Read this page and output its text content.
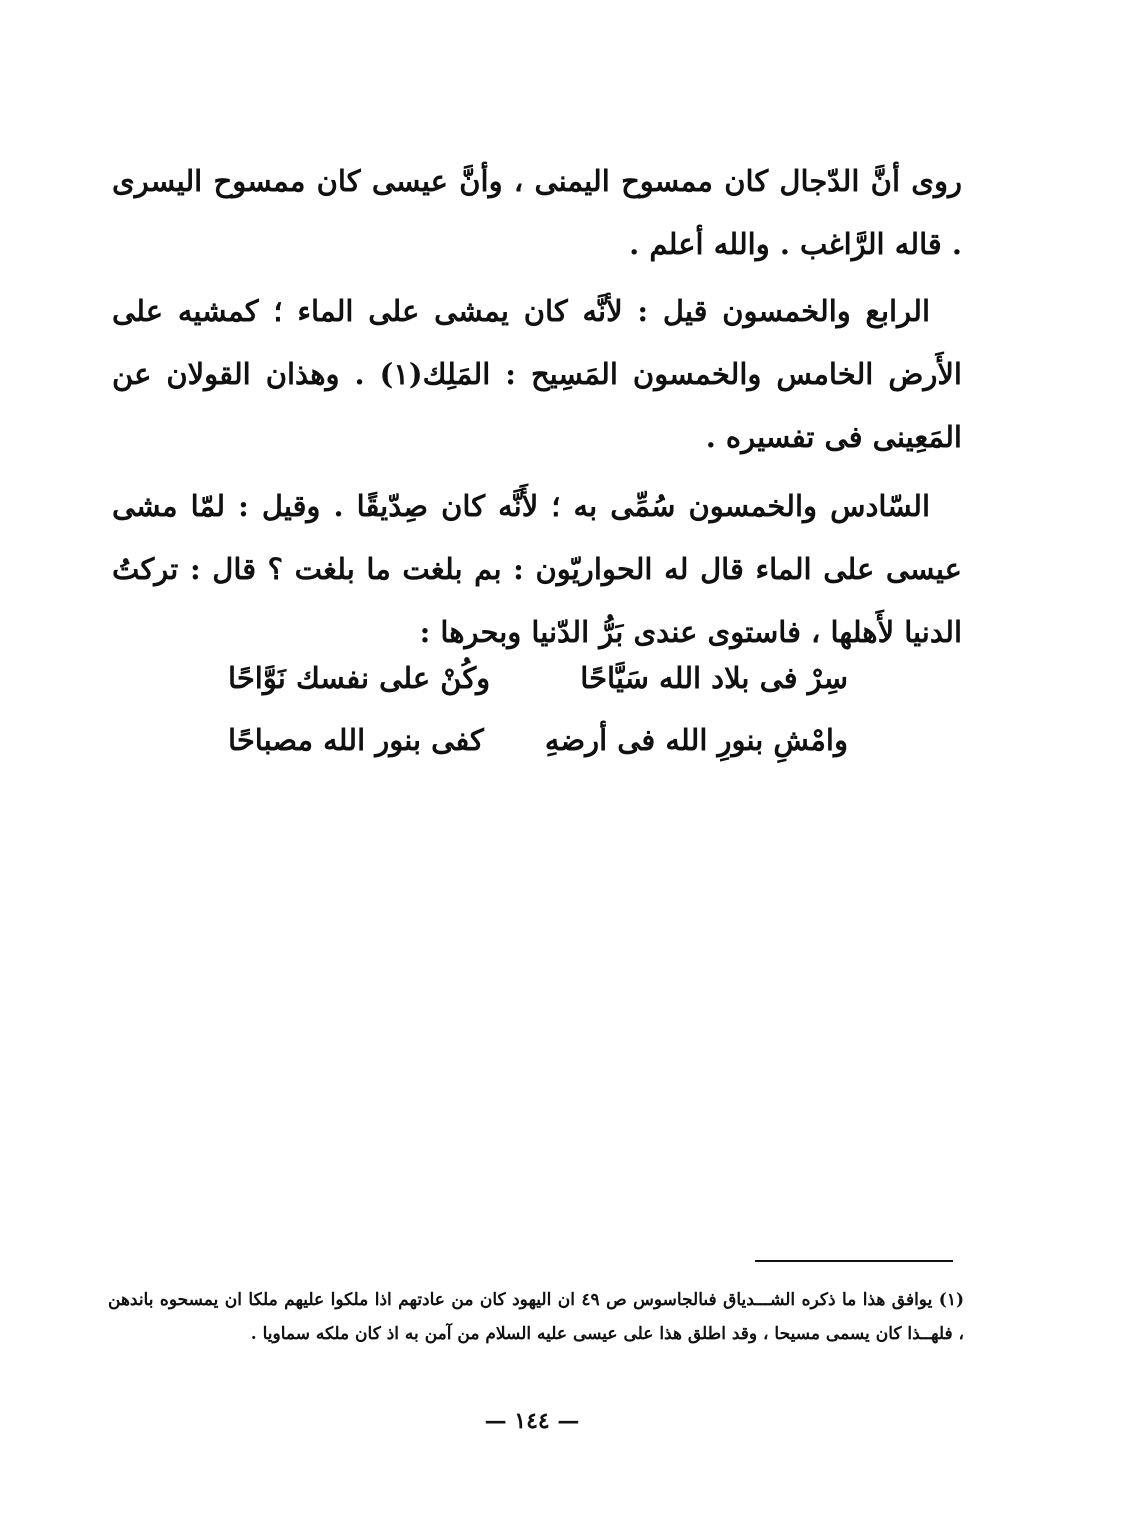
روى أنَّ الدّجال كان ممسوح اليمنى ، وأنَّ عيسى كان ممسوح اليسرى . قاله الرَّاغب . والله أعلم .
الرابع والخمسون قيل : لأنَّه كان يمشى على الماء ؛ كمشيه على الأَرض الخامس والخمسون المَسِيح : المَلِك(١) . وهذان القولان عن المَعِينى فى تفسيره .
السّادس والخمسون سُمِّى به ؛ لأَنَّه كان صِدّيقًا . وقيل : لمّا مشى عيسى على الماء قال له الحواريّون : بم بلغت ما بلغت ؟ قال : تركتُ الدنيا لأَهلها ، فاستوى عندى بَرُّ الدّنيا وبحرها :
سِرْ فى بلاد الله سَيَّاحًا
وكُنْ على نفسك نَوَّاحًا
وامْشِ بنورِ الله فى أرضهِ
كفى بنور الله مصباحًا
(١) يوافق هذا ما ذكره الشـــدياق فىالجاسوس ص ٤٩ ان اليهود كان من عادتهم اذا ملكوا عليهم ملكا ان يمسحوه باندهن ، فلهــذا كان يسمى مسيحا ، وقد اطلق هذا على عيسى عليه السلام من آمن به اذ كان ملكه سماويا .
— ١٤٤ —
